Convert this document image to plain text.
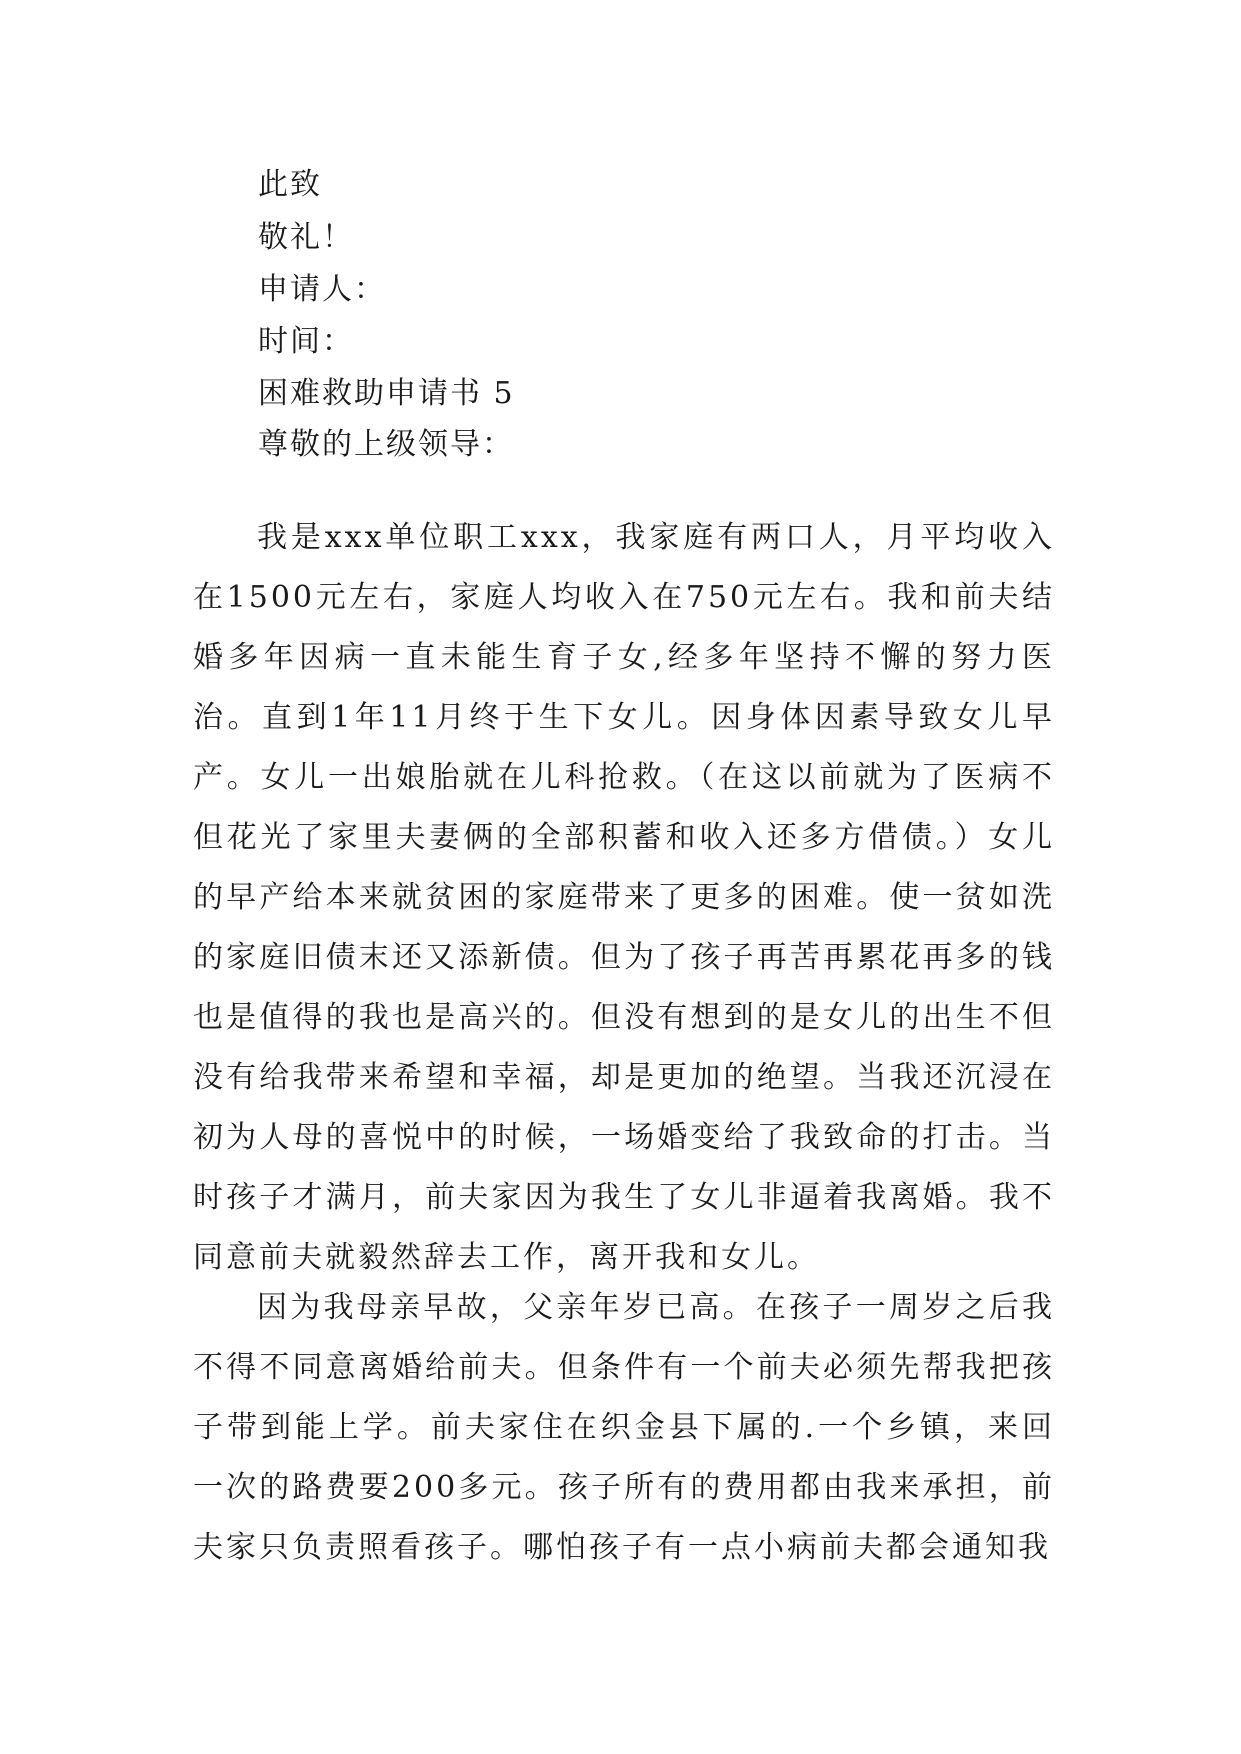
此致
敬礼！
申请人：
时间：
困难救助申请书 5
尊敬的上级领导：

我是xxx单位职工xxx，我家庭有两口人，月平均收入在1500元左右，家庭人均收入在750元左右。我和前夫结婚多年因病一直未能生育子女,经多年坚持不懈的努力医治。直到1年11月终于生下女儿。因身体因素导致女儿早产。女儿一出娘胎就在儿科抢救。（在这以前就为了医病不但花光了家里夫妻俩的全部积蓄和收入还多方借债。）女儿的早产给本来就贫困的家庭带来了更多的困难。使一贫如洗的家庭旧债末还又添新债。但为了孩子再苦再累花再多的钱也是值得的我也是高兴的。但没有想到的是女儿的出生不但没有给我带来希望和幸福，却是更加的绝望。当我还沉浸在初为人母的喜悦中的时候，一场婚变给了我致命的打击。当时孩子才满月，前夫家因为我生了女儿非逼着我离婚。我不同意前夫就毅然辞去工作，离开我和女儿。

因为我母亲早故，父亲年岁已高。在孩子一周岁之后我不得不同意离婚给前夫。但条件有一个前夫必须先帮我把孩子带到能上学。前夫家住在织金县下属的.一个乡镇，来回一次的路费要200多元。孩子所有的费用都由我来承担，前夫家只负责照看孩子。哪怕孩子有一点小病前夫都会通知我
